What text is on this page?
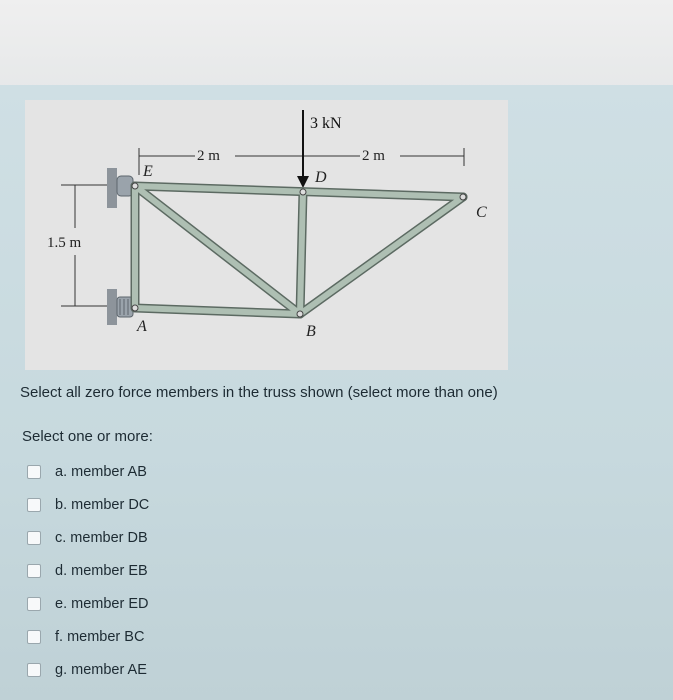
1.5 m
2 m	2 m
3 kN
E
A
D
B
C
Select all zero force members in the truss shown (select more than one)
Select one or more:
a. member AB
b. member DC
c. member DB
d. member EB
e. member ED
f. member BC
g. member AE
